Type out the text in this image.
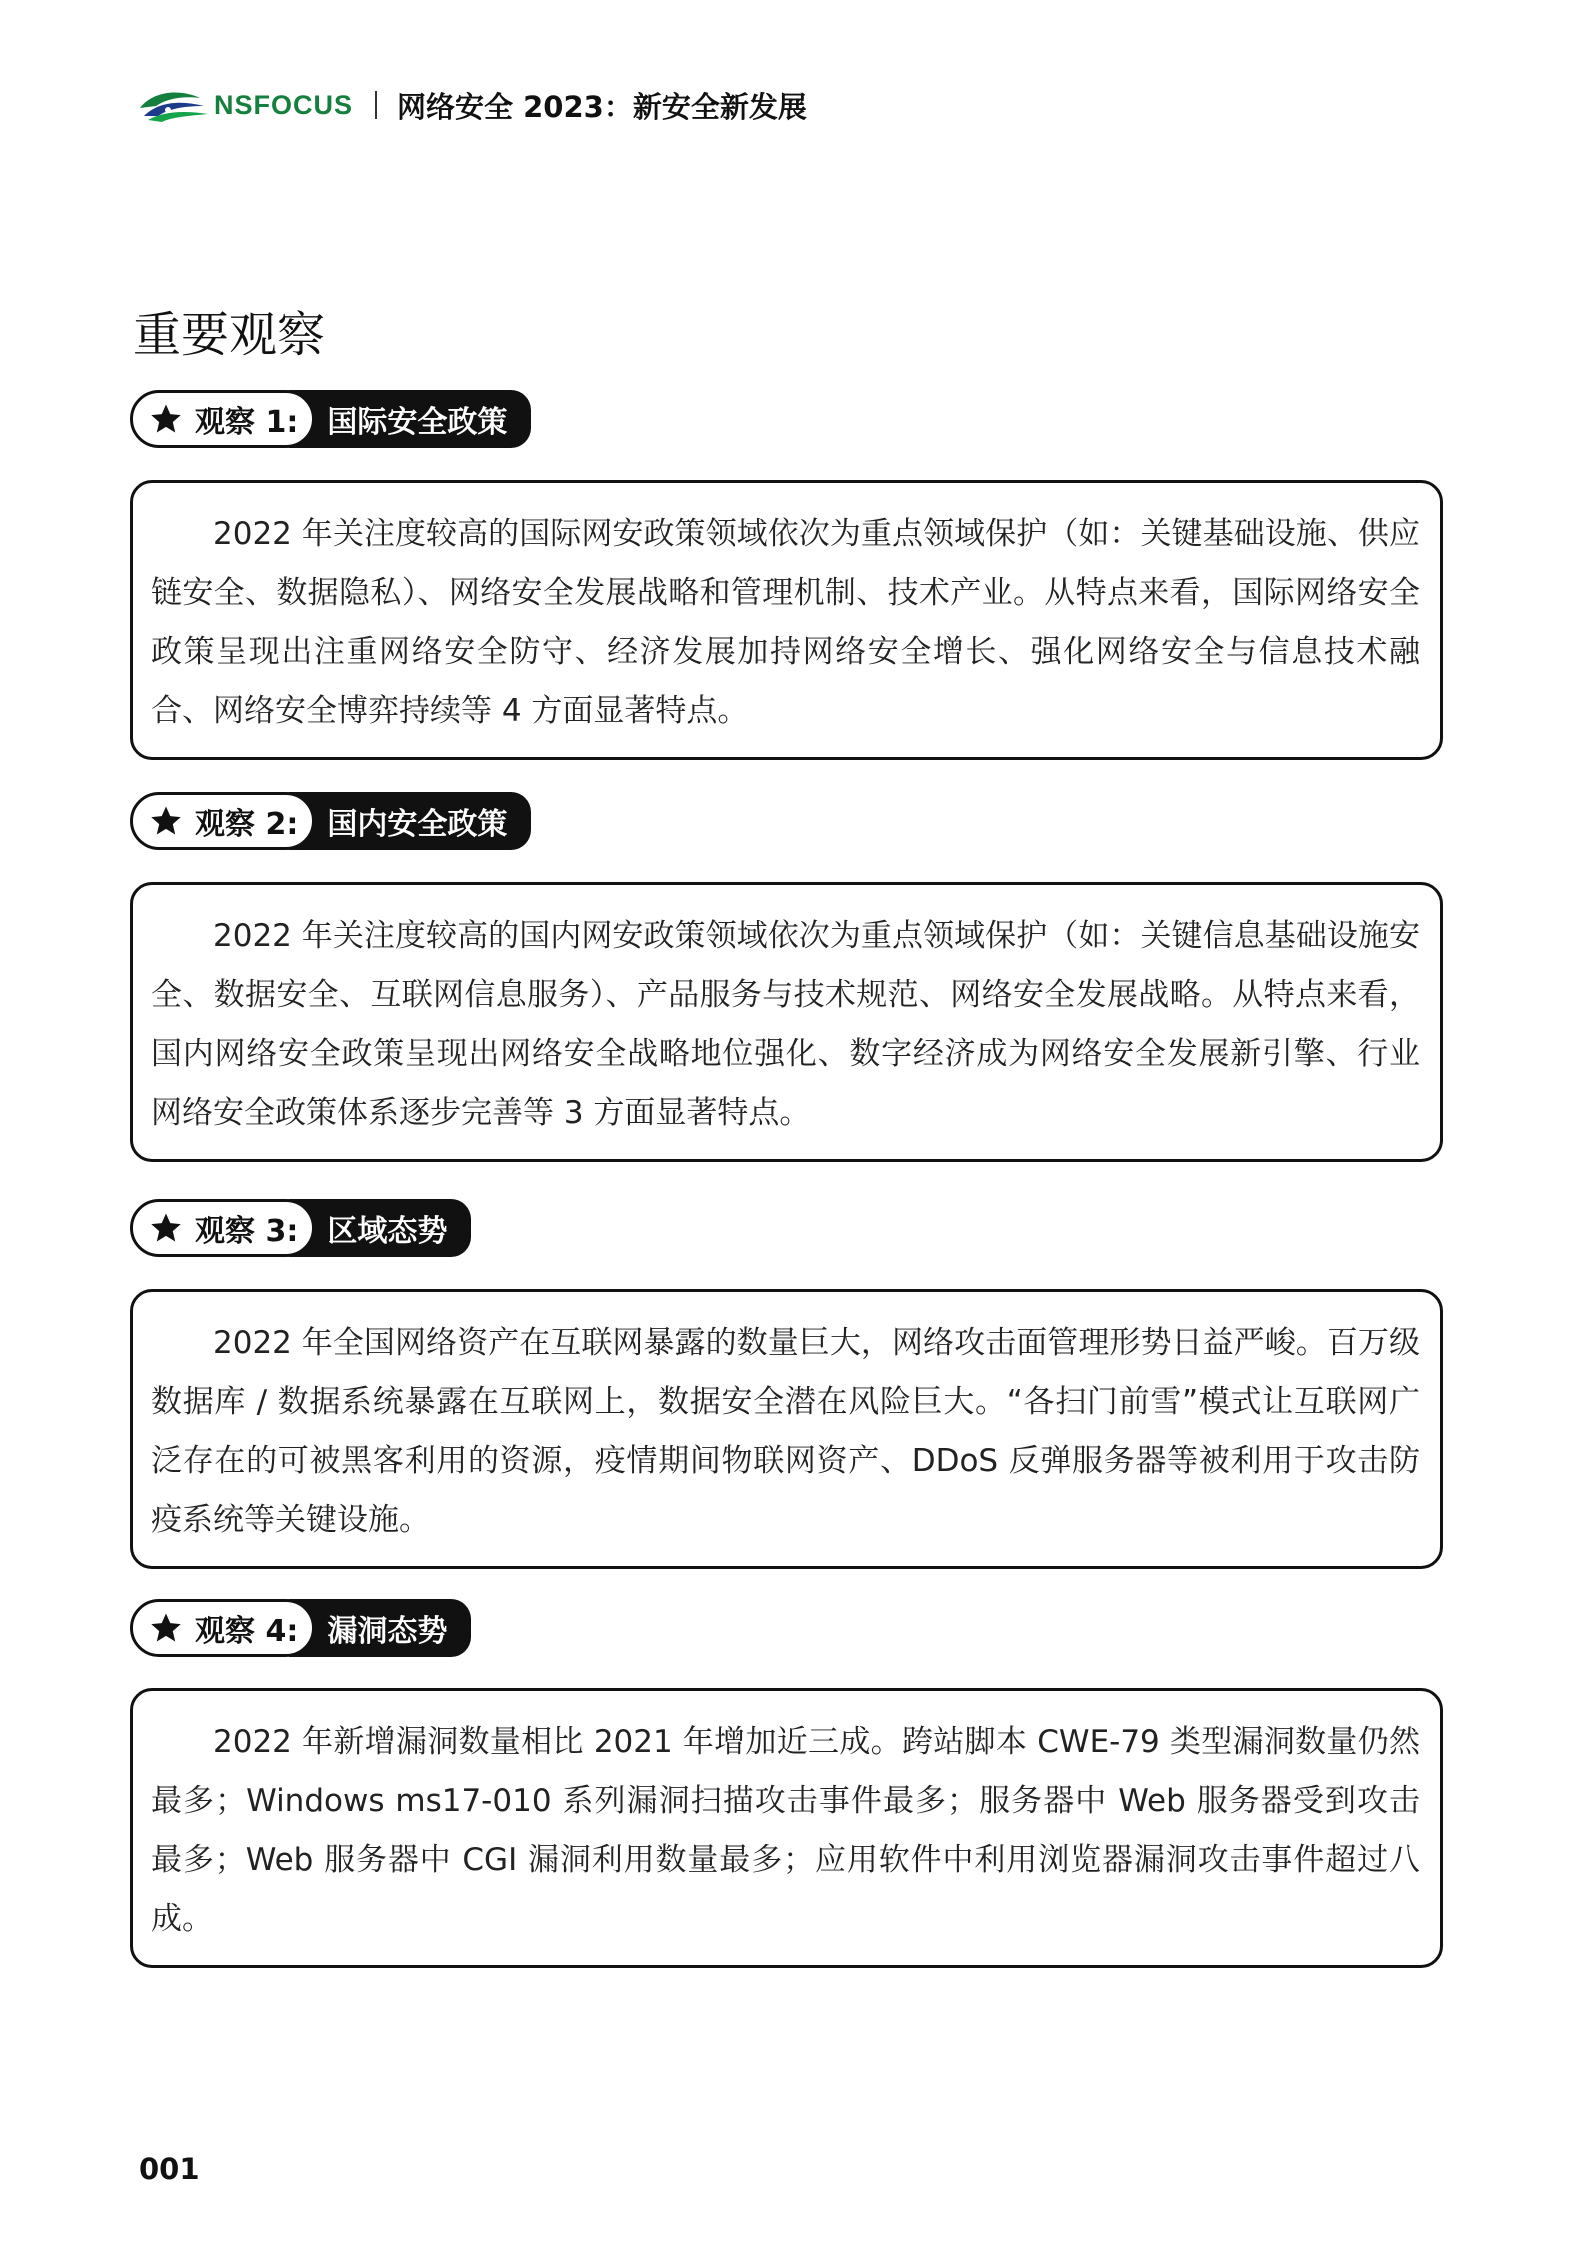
NSFOCUS 网络安全 2023：新安全新发展
重要观察
观察 1: 国际安全政策

2022 年关注度较高的国际网安政策领域依次为重点领域保护（如：关键基础设施、供应链安全、数据隐私）、网络安全发展战略和管理机制、技术产业。从特点来看，国际网络安全政策呈现出注重网络安全防守、经济发展加持网络安全增长、强化网络安全与信息技术融合、网络安全博弈持续等 4 方面显著特点。

观察 2: 国内安全政策

2022 年关注度较高的国内网安政策领域依次为重点领域保护（如：关键信息基础设施安全、数据安全、互联网信息服务）、产品服务与技术规范、网络安全发展战略。从特点来看，国内网络安全政策呈现出网络安全战略地位强化、数字经济成为网络安全发展新引擎、行业网络安全政策体系逐步完善等 3 方面显著特点。

观察 3: 区域态势

2022 年全国网络资产在互联网暴露的数量巨大，网络攻击面管理形势日益严峻。百万级数据库 / 数据系统暴露在互联网上，数据安全潜在风险巨大。“各扫门前雪”模式让互联网广泛存在的可被黑客利用的资源，疫情期间物联网资产、DDoS 反弹服务器等被利用于攻击防疫系统等关键设施。

观察 4: 漏洞态势

2022 年新增漏洞数量相比 2021 年增加近三成。跨站脚本 CWE-79 类型漏洞数量仍然最多；Windows ms17-010 系列漏洞扫描攻击事件最多；服务器中 Web 服务器受到攻击最多；Web 服务器中 CGI 漏洞利用数量最多；应用软件中利用浏览器漏洞攻击事件超过八成。

001
